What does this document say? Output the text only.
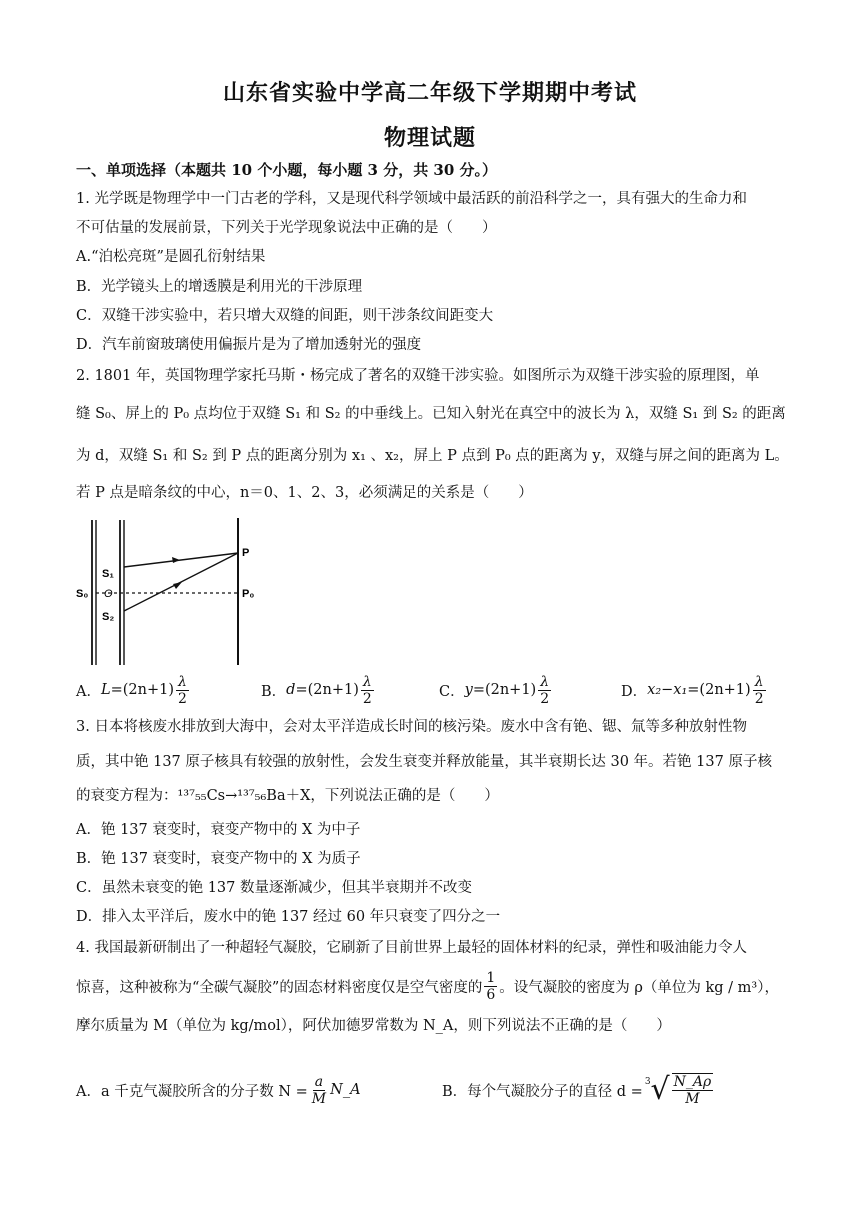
山东省实验中学高二年级下学期期中考试
物理试题
一、单项选择（本题共 10 个小题，每小题 3 分，共 30 分。）
1. 光学既是物理学中一门古老的学科，又是现代科学领域中最活跃的前沿科学之一，具有强大的生命力和
不可估量的发展前景，下列关于光学现象说法中正确的是（　　）
A.“泊松亮斑”是圆孔衍射结果
B．光学镜头上的增透膜是利用光的干涉原理
C．双缝干涉实验中，若只增大双缝的间距，则干涉条纹间距变大
D．汽车前窗玻璃使用偏振片是为了增加透射光的强度
2. 1801 年，英国物理学家托马斯・杨完成了著名的双缝干涉实验。如图所示为双缝干涉实验的原理图，单
缝 S₀、屏上的 P₀ 点均位于双缝 S₁ 和 S₂ 的中垂线上。已知入射光在真空中的波长为 λ，双缝 S₁ 到 S₂ 的距离
为 d，双缝 S₁ 和 S₂ 到 P 点的距离分别为 x₁ 、x₂，屏上 P 点到 P₀ 点的距离为 y，双缝与屏之间的距离为 L。
若 P 点是暗条纹的中心，n＝0、1、2、3，必须满足的关系是（　　）
S₁
S₀ O
S₂
P
P₀
A． $L =(2n+1) \frac{\lambda}{2}$	B． $d =(2n+1) \frac{\lambda}{2}$	C． $y =(2n+1) \frac{\lambda}{2}$	D． $x_2-x_1 =(2n+1) \frac{\lambda}{2}$
3. 日本将核废水排放到大海中，会对太平洋造成长时间的核污染。废水中含有铯、锶、氚等多种放射性物
质，其中铯 137 原子核具有较强的放射性，会发生衰变并释放能量，其半衰期长达 30 年。若铯 137 原子核
的衰变方程为：¹³⁷₅₅Cs→¹³⁷₅₆Ba＋X，下列说法正确的是（　　）
A．铯 137 衰变时，衰变产物中的 X 为中子
B．铯 137 衰变时，衰变产物中的 X 为质子
C．虽然未衰变的铯 137 数量逐渐减少，但其半衰期并不改变
D．排入太平洋后，废水中的铯 137 经过 60 年只衰变了四分之一
4. 我国最新研制出了一种超轻气凝胶，它刷新了目前世界上最轻的固体材料的纪录，弹性和吸油能力令人
惊喜，这种被称为“全碳气凝胶”的固态材料密度仅是空气密度的 $\frac{1}{6}$ 。设气凝胶的密度为 ρ（单位为 kg / m³），
摩尔质量为 M（单位为 kg/mol），阿伏加德罗常数为 N_A，则下列说法不正确的是（　　）
A．a 千克气凝胶所含的分子数 $N = \frac{a}{M}$ N_A	B．每个气凝胶分子的直径 d =
3 √ $\frac{N\_A\rho}{M}$
